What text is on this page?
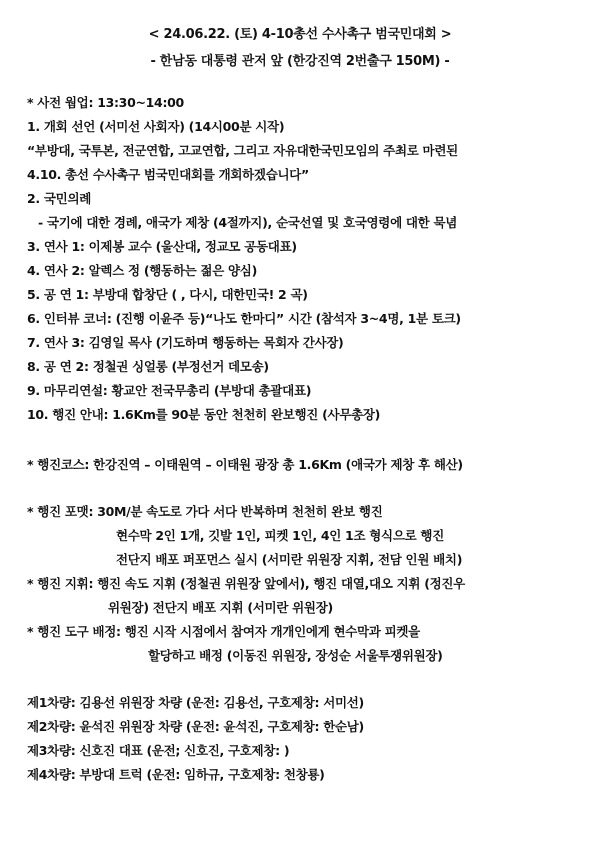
< 24.06.22. (토) 4-10총선 수사촉구 범국민대회 >
- 한남동 대통령 관저 앞 (한강진역 2번출구 150M) -
* 사전 웜업: 13:30~14:00
1. 개회 선언 (서미선 사회자) (14시00분 시작)
“부방대, 국투본, 전군연합, 고교연합, 그리고 자유대한국민모임의 주최로 마련된
4.10. 총선 수사촉구 범국민대회를 개회하겠습니다”
2. 국민의례
- 국기에 대한 경례, 애국가 제창 (4절까지), 순국선열 및 호국영령에 대한 묵념
3. 연사 1: 이제봉 교수 (울산대, 정교모 공동대표)
4. 연사 2: 알렉스 정 (행동하는 젊은 양심)
5. 공 연 1: 부방대 합창단 ( , 다시, 대한민국! 2 곡)
6. 인터뷰 코너: (진행 이윤주 등)“나도 한마디” 시간 (참석자 3~4명, 1분 토크)
7. 연사 3: 김영일 목사 (기도하며 행동하는 목회자 간사장)
8. 공 연 2: 정철권 싱얼롱 (부정선거 데모송)
9. 마무리연설: 황교안 전국무총리 (부방대 총괄대표)
10. 행진 안내: 1.6Km를 90분 동안 천천히 완보행진 (사무총장)
* 행진코스: 한강진역 – 이태원역 – 이태원 광장 총 1.6Km (애국가 제창 후 해산)
* 행진 포맷: 30M/분 속도로 가다 서다 반복하며 천천히 완보 행진
현수막 2인 1개, 깃발 1인, 피켓 1인, 4인 1조 형식으로 행진
전단지 배포 퍼포먼스 실시 (서미란 위원장 지휘, 전담 인원 배치)
* 행진 지휘: 행진 속도 지휘 (정철권 위원장 앞에서), 행진 대열,대오 지휘 (정진우
위원장) 전단지 배포 지휘 (서미란 위원장)
* 행진 도구 배정: 행진 시작 시점에서 참여자 개개인에게 현수막과 피켓을
할당하고 배정 (이동진 위원장, 장성순 서울투쟁위원장)
제1차량: 김용선 위원장 차량 (운전: 김용선, 구호제창: 서미선)
제2차량: 윤석진 위원장 차량 (운전: 윤석진, 구호제창: 한순남)
제3차량: 신호진 대표 (운전; 신호진, 구호제창: )
제4차량: 부방대 트럭 (운전: 임하규, 구호제창: 천창룡)
